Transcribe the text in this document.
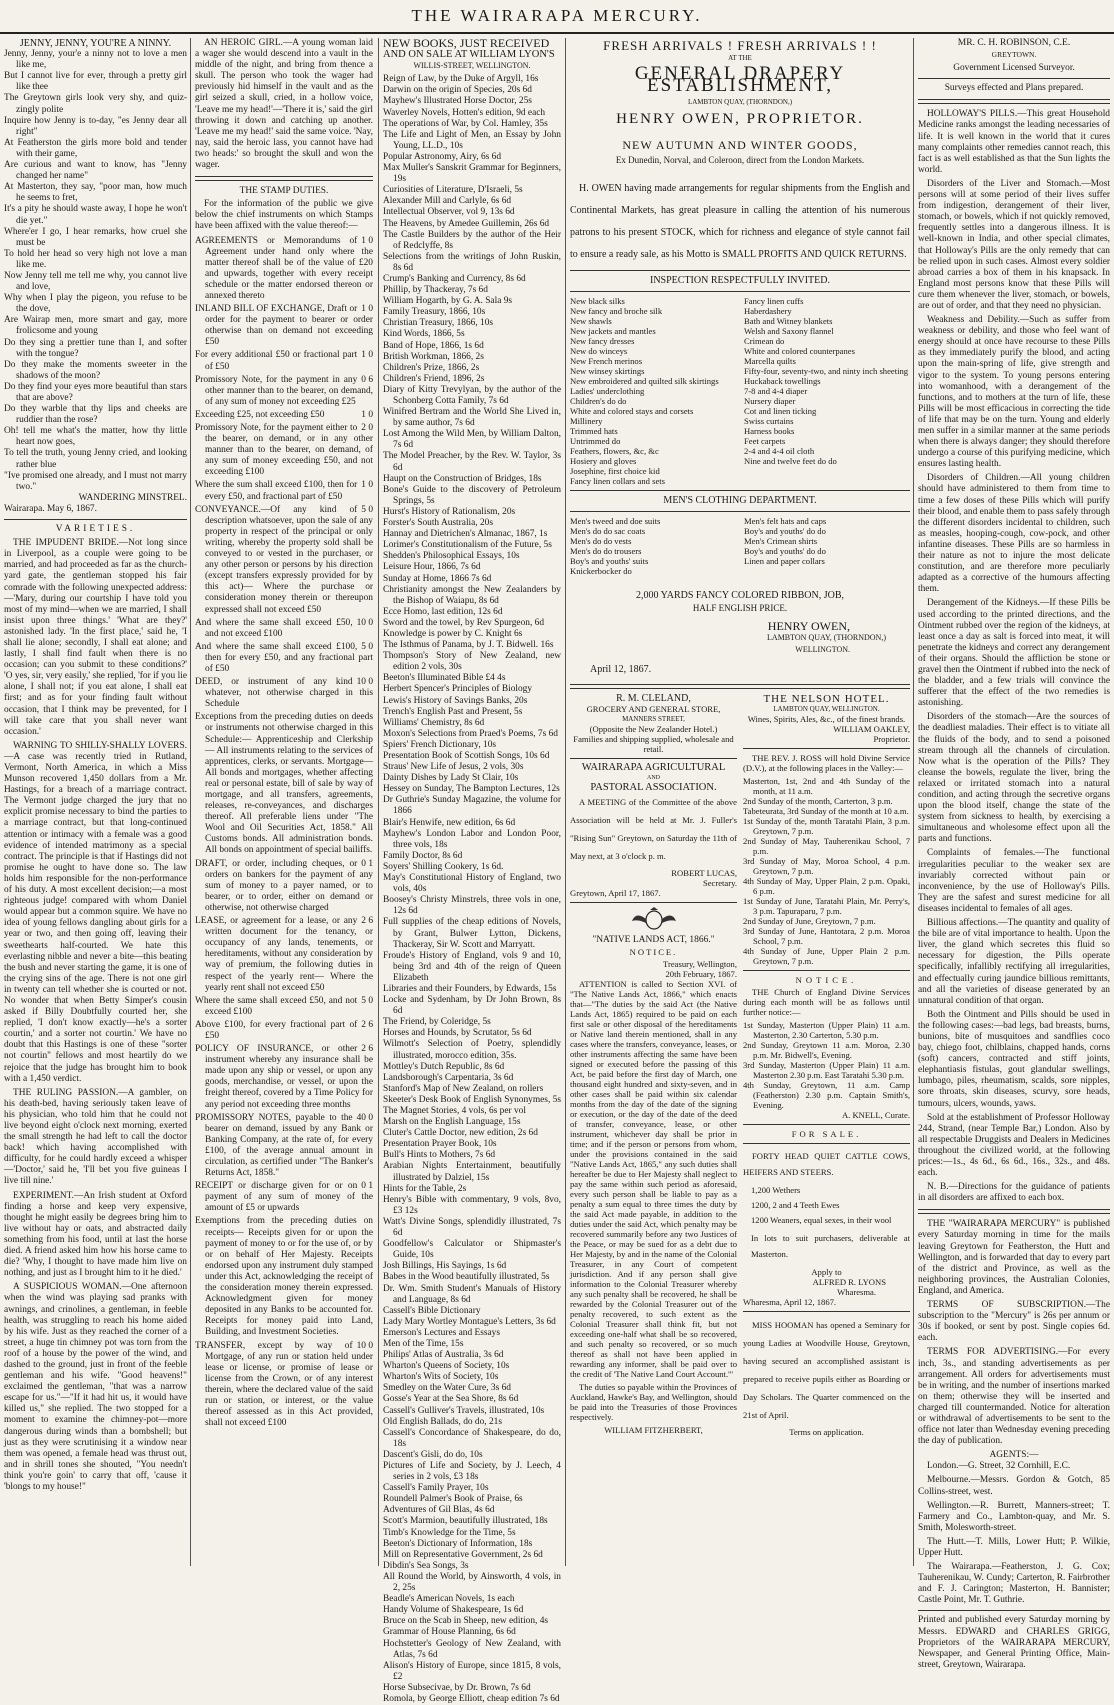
THE WAIRARAPA MERCURY.
JENNY, JENNY, YOU'RE A NINNY.
Jenny, Jenny, your'e a ninny not to love a men like me,
But I cannot live for ever, through a pretty girl like thee
The Greytown girls look very shy, and quiz-zingly polite
Inquire how Jenny is to-day, "es Jenny dear all right"
At Featherston the girls more bold and tender with their game,
Are curious and want to know, has "Jenny changed her name"
At Masterton, they say, "poor man, how much he seems to fret,
It's a pity he should waste away, I hope he won't die yet."
Where'er I go, I hear remarks, how cruel she must be
To hold her head so very high not love a man like me.
Now Jenny tell me tell me why, you cannot live and love,
Why when I play the pigeon, you refuse to be the dove,
Are Wairap men, more smart and gay, more frolicsome and young
Do they sing a prettier tune than I, and softer with the tongue?
Do they make the moments sweeter in the shadows of the moon?
Do they find your eyes more beautiful than stars that are above?
Do they warble that thy lips and cheeks are ruddier than the rose?
Oh! tell me what's the matter, how thy little heart now goes,
To tell the truth, young Jenny cried, and looking rather blue
"Ive promised one already, and I must not marry two."
WANDERING MINSTREL.
Wairarapa. May 6, 1867.
VARIETIES.

THE IMPUDENT BRIDE.—Not long since in Liverpool, as a couple were going to be married, and had proceeded as far as the church-yard gate, the gentleman stopped his fair comrade with the following unexpected address:—'Mary, during our courtship I have told you most of my mind—when we are married, I shall insist upon three things.' 'What are they?' astonished lady. 'In the first place,' said he, 'I shall lie alone; secondly, I shall eat alone; and lastly, I shall find fault when there is no occasion; can you submit to these conditions?' 'O yes, sir, very easily,' she replied, 'for if you lie alone, I shall not; if you eat alone, I shall eat first; and as for your finding fault without occasion, that I think may be prevented, for I will take care that you shall never want occasion.'

WARNING TO SHILLY-SHALLY LOVERS.—A case was recently tried in Rutland, Vermont, North America, in which a Miss Munson recovered 1,450 dollars from a Mr. Hastings, for a breach of a marriage contract. The Vermont judge charged the jury that no explicit promise necessary to bind the parties to a marriage contract, but that long-continued attention or intimacy with a female was a good evidence of intended matrimony as a special contract. The principle is that if Hastings did not promise he ought to have done so. The law holds him responsible for the non-performance of his duty. A most excellent decision;—a most righteous judge! compared with whom Daniel would appear but a common squire. We have no idea of young fellows dangling about girls for a year or two, and then going off, leaving their sweethearts half-courted. We hate this everlasting nibble and never a bite—this beating the bush and never starting the game, it is one of the crying sins of the age. There is not one girl in twenty can tell whether she is courted or not. No wonder that when Betty Simper's cousin asked if Billy Doubtfully courted her, she replied, 'I don't know exactly—he's a sorter courtin,' and a sorter not courtin.' We have no doubt that this Hastings is one of these "sorter not courtin" fellows and most heartily do we rejoice that the judge has brought him to book with a 1,450 verdict.

THE RULING PASSION.—A gambler, on his death-bed, having seriously taken leave of his physician, who told him that he could not live beyond eight o'clock next morning, exerted the small strength he had left to call the doctor back! which having accomplished with difficulty, for he could hardly exceed a whisper—'Doctor,' said he, 'I'll bet you five guineas I live till nine.'

EXPERIMENT.—An Irish student at Oxford finding a horse and keep very expensive, thought he might easily be degrees bring him to live without hay or oats, and abstracted daily something from his food, until at last the horse died. A friend asked him how his horse came to die? 'Why, I thought to have made him live on nothing, and just as I brought him to it he died.'

A SUSPICIOUS WOMAN.—One afternoon when the wind was playing sad pranks with awnings, and crinolines, a gentleman, in feeble health, was struggling to reach his home aided by his wife. Just as they reached the corner of a street, a huge tin chimney pot was torn from the roof of a house by the power of the wind, and dashed to the ground, just in front of the feeble gentleman and his wife. "Good heavens!" exclaimed the gentleman, "that was a narrow escape for us."—"If it had hit us, it would have killed us," she replied. The two stopped for a moment to examine the chimney-pot—more dangerous during winds than a bombshell; but just as they were scrutinising it a window near them was opened, a female head was thrust out, and in shrill tones she shouted, "You needn't think you're goin' to carry that off, 'cause it 'blongs to my house!"

AN HEROIC GIRL.—A young woman laid a wager she would descend into a vault in the middle of the night, and bring from thence a skull. The person who took the wager had previously hid himself in the vault and as the girl seized a skull, cried, in a hollow voice, 'Leave me my head!'—'There it is,' said the girl throwing it down and catching up another. 'Leave me my head!' said the same voice. 'Nay, nay, said the heroic lass, you cannot have had two heads:' so brought the skull and won the wager.

THE STAMP DUTIES.

For the information of the public we give below the chief instruments on which Stamps have been affixed with the value thereof:—

1 0
AGREEMENTS or Memorandums of Agreement under hand only where the matter thereof shall be of the value of £20 and upwards, together with every receipt schedule or the matter endorsed thereon or annexed thereto
1 0
INLAND BILL OF EXCHANGE, Draft or order for the payment to bearer or order otherwise than on demand not exceeding £50
1 0
For every additional £50 or fractional part of £50
0 6
Promissory Note, for the payment in any other manner than to the bearer, on demand, of any sum of money not exceeding £25
1 0
Exceeding £25, not exceeding £50
2 0
Promissory Note, for the payment either to the bearer, on demand, or in any other manner than to the bearer, on demand, of any sum of money exceeding £50, and not exceeding £100
1 0
Where the sum shall exceed £100, then for every £50, and fractional part of £50
5 0
CONVEYANCE.—Of any kind of description whatsoever, upon the sale of any property in respect of the principal or only writing, whereby the property sold shall be conveyed to or vested in the purchaser, or any other person or persons by his direction (except transfers expressly provided for by this act)— Where the purchase or consideration money therein or thereupon expressed shall not exceed £50
10 0
And where the same shall exceed £50, and not exceed £100
5 0
And where the same shall exceed £100, then for every £50, and any fractional part of £50
10 0
DEED, or instrument of any kind whatever, not otherwise charged in this Schedule
Exceptions from the preceding duties on deeds or instruments not otherwise charged in this Schedule:— Apprenticeship and Clerkship— All instruments relating to the services of apprentices, clerks, or servants. Mortgage—All bonds and mortgages, whether affecting real or personal estate, bill of sale by way of mortgage, and all transfers, agreements, releases, re-conveyances, and discharges thereof. All preferable liens under "The Wool and Oil Securities Act, 1858." All Customs bonds. All administration bonds. All bonds on appointment of special bailiffs.
0 1
DRAFT, or order, including cheques, or orders on bankers for the payment of any sum of money to a payer named, or to bearer, or to order, either on demand or otherwise, not otherwise charged
2 6
LEASE, or agreement for a lease, or any written document for the tenancy, or occupancy of any lands, tenements, or hereditaments, without any consideration by way of premium, the following duties in respect of the yearly rent— Where the yearly rent shall not exceed £50
5 0
Where the same shall exceed £50, and not exceed £100
2 6
Above £100, for every fractional part of £50
2 6
POLICY OF INSURANCE, or other instrument whereby any insurance shall be made upon any ship or vessel, or upon any goods, merchandise, or vessel, or upon the freight thereof, covered by a Time Policy for any period not exceeding three months
40 0
PROMISSORY NOTES, payable to the bearer on demand, issued by any Bank or Banking Company, at the rate of, for every £100, of the average annual amount in circulation, as certified under "The Banker's Returns Act, 1858."
0 1
RECEIPT or discharge given for or on payment of any sum of money of the amount of £5 or upwards
Exemptions from the preceding duties on receipts— Receipts given for or upon the payment of money to or for the use of, or by or on behalf of Her Majesty. Receipts endorsed upon any instrument duly stamped under this Act, acknowledging the receipt of the consideration money therein expressed. Acknowledgment given for money deposited in any Banks to be accounted for. Receipts for money paid into Land, Building, and Investment Societies.
10 0
TRANSFER, except by way of Mortgage, of any run or station held under lease or license, or promise of lease or license from the Crown, or of any interest therein, where the declared value of the said run or station, or interest, or the value thereof assessed as in this Act provided, shall not exceed £100
NEW BOOKS, JUST RECEIVED
AND ON SALE AT WILLIAM LYON'S
WILLIS-STREET, WELLINGTON.
Reign of Law, by the Duke of Argyll, 16s
Darwin on the origin of Species, 20s 6d
Mayhew's Illustrated Horse Doctor, 25s
Waverley Novels, Hotten's edition, 9d each
The operations of War, by Col. Hamley, 35s
The Life and Light of Men, an Essay by John Young, LL.D., 10s
Popular Astronomy, Airy, 6s 6d
Max Muller's Sanskrit Grammar for Beginners, 19s
Curiosities of Literature, D'Israeli, 5s
Alexander Mill and Carlyle, 6s 6d
Intellectual Observer, vol 9, 13s 6d
The Heavens, by Amedee Guillemin, 26s 6d
The Castle Builders by the author of the Heir of Redclyffe, 8s
Selections from the writings of John Ruskin, 8s 6d
Crump's Banking and Currency, 8s 6d
Phillip, by Thackeray, 7s 6d
William Hogarth, by G. A. Sala 9s
Family Treasury, 1866, 10s
Christian Treasury, 1866, 10s
Kind Words, 1866, 5s
Band of Hope, 1866, 1s 6d
British Workman, 1866, 2s
Children's Prize, 1866, 2s
Children's Friend, 1896, 2s
Diary of Kitty Trevylyan, by the author of the Schonberg Cotta Family, 7s 6d
Winifred Bertram and the World She Lived in, by same author, 7s 6d
Lost Among the Wild Men, by William Dalton, 7s 6d
The Model Preacher, by the Rev. W. Taylor, 3s 6d
Haupt on the Construction of Bridges, 18s
Bone's Guide to the discovery of Petroleum Springs, 5s
Hurst's History of Rationalism, 20s
Forster's South Australia, 20s
Hannay and Dietrichen's Almanac, 1867, 1s
Lorimer's Constitutionalism of the Future, 5s
Shedden's Philosophical Essays, 10s
Leisure Hour, 1866, 7s 6d
Sunday at Home, 1866 7s 6d
Christianity amongst the New Zealanders by the Bishop of Waiapu, 8s 6d
Ecce Homo, last edition, 12s 6d
Sword and the towel, by Rev Spurgeon, 6d
Knowledge is power by C. Knight 6s
The Isthmus of Panama, by J. T. Bidwell. 16s
Thompson's Story of New Zealand, new edition 2 vols, 30s
Beeton's Illuminated Bible £4 4s
Herbert Spencer's Principles of Biology
Lewis's History of Savings Banks, 20s
Trench's English Past and Present, 5s
Williams' Chemistry, 8s 6d
Moxon's Selections from Praed's Poems, 7s 6d
Spiers' French Dictionary, 10s
Presentation Book of Scottish Songs, 10s 6d
Straus' New Life of Jesus, 2 vols, 30s
Dainty Dishes by Lady St Clair, 10s
Hessey on Sunday, The Bampton Lectures, 12s
Dr Guthrie's Sunday Magazine, the volume for 1866
Blair's Henwife, new edition, 6s 6d
Mayhew's London Labor and London Poor, three vols, 18s
Family Doctor, 8s 6d
Soyers' Shilling Cookery, 1s 6d.
May's Constitutional History of England, two vols, 40s
Boosey's Christy Minstrels, three vols in one, 12s 6d
Full supplies of the cheap editions of Novels, by Grant, Bulwer Lytton, Dickens, Thackeray, Sir W. Scott and Marryatt.
Froude's History of England, vols 9 and 10, being 3rd and 4th of the reign of Queen Elizabeth
Libraries and their Founders, by Edwards, 15s
Locke and Sydenham, by Dr John Brown, 8s 6d
The Friend, by Coleridge, 5s
Horses and Hounds, by Scrutator, 5s 6d
Wilmott's Selection of Poetry, splendidly illustrated, morocco edition, 35s.
Mottley's Dutch Republic, 8s 6d
Landsborough's Carpentaria, 3s 6d
Stanford's Map of New Zealand, on rollers
Skeeter's Desk Book of English Synonymes, 5s
The Magnet Stories, 4 vols, 6s per vol
Marsh on the English Language, 15s
Cluter's Cattle Doctor, new edition, 2s 6d
Presentation Prayer Book, 10s
Bull's Hints to Mothers, 7s 6d
Arabian Nights Entertainment, beautifully illustrated by Dalziel, 15s
Hints for the Table, 2s
Henry's Bible with commentary, 9 vols, 8vo, £3 12s
Watt's Divine Songs, splendidly illustrated, 7s 6d
Goodfellow's Calculator or Shipmaster's Guide, 10s
Josh Billings, His Sayings, 1s 6d
Babes in the Wood beautifully illustrated, 5s
Dr. Wm. Smith Student's Manuals of History and Language, 8s 6d
Cassell's Bible Dictionary
Lady Mary Wortley Montague's Letters, 3s 6d
Emerson's Lectures and Essays
Men of the Time, 15s
Philips' Atlas of Australia, 3s 6d
Wharton's Queens of Society, 10s
Wharton's Wits of Society, 10s
Smedley on the Water Cure, 3s 6d
Gosse's Year at the Sea Shore, 8s 6d
Cassell's Gulliver's Travels, illustrated, 10s
Old English Ballads, do do, 21s
Cassell's Concordance of Shakespeare, do do, 18s
Dascent's Gisli, do do, 10s
Pictures of Life and Society, by J. Leech, 4 series in 2 vols, £3 18s
Cassell's Family Prayer, 10s
Roundell Palmer's Book of Praise, 6s
Adventures of Gil Blas, 4s 6d
Scott's Marmion, beautifully illustrated, 18s
Timb's Knowledge for the Time, 5s
Beeton's Dictionary of Information, 18s
Mill on Representative Government, 2s 6d
Dibdin's Sea Songs, 3s
All Round the World, by Ainsworth, 4 vols, in 2, 25s
Beadle's American Novels, 1s each
Handy Volume of Shakespeare, 1s 6d
Bruce on the Scab in Sheep, new edition, 4s
Grammar of House Planning, 6s 6d
Hochstetter's Geology of New Zealand, with Atlas, 7s 6d
Alison's History of Europe, since 1815, 8 vols, £2
Horse Subsecivae, by Dr. Brown, 7s 6d
Romola, by George Elliott, cheap edition 7s 6d
FRESH ARRIVALS ! FRESH ARRIVALS ! !
AT THE
GENERAL DRAPERY ESTABLISHMENT,
LAMBTON QUAY, (THORNDON,)
HENRY OWEN, PROPRIETOR.
NEW AUTUMN AND WINTER GOODS,
Ex Dunedin, Norval, and Coleroon, direct from the London Markets.

H. OWEN having made arrangements for regular shipments from the English and Continental Markets, has great pleasure in calling the attention of his numerous patrons to his present STOCK, which for richness and elegance of style cannot fail to ensure a ready sale, as his Motto is SMALL PROFITS AND QUICK RETURNS.

INSPECTION RESPECTFULLY INVITED.
New black silks
New fancy and broche silk
New shawls
New jackets and mantles
New fancy dresses
New do winceys
New French merinos
New winsey skirtings
New embroidered and quilted silk skirtings
Ladies' underclothing
Children's do do
White and colored stays and corsets
Millinery
Trimmed hats
Untrimmed do
Feathers, flowers, &c, &c
Hosiery and gloves
Josephine, first choice kid
Fancy linen collars and sets
Fancy linen cuffs
Haberdashery
Bath and Witney blankets
Welsh and Saxony flannel
Crimean do
White and colored counterpanes
Marcella quilts
Fifty-four, seventy-two, and ninty inch sheeting
Huckaback towellings
7-8 and 4-4 diaper
Nursery diaper
Cot and linen ticking
Swiss curtains
Harness books
Feet carpets
2-4 and 4-4 oil cloth
Nine and twelve feet do do
MEN'S CLOTHING DEPARTMENT.
Men's tweed and doe suits
Men's do do sac coats
Men's do do vests
Men's do do trousers
Boy's and youths' suits
Knickerbocker do
Men's felt hats and caps
Boy's and youths' do do
Men's Crimean shirts
Boy's and youths' do do
Linen and paper collars
2,000 YARDS FANCY COLORED RIBBON, JOB,
HALF ENGLISH PRICE.
HENRY OWEN,
LAMBTON QUAY, (THORNDON,)
WELLINGTON.
April 12, 1867.
R. M. CLELAND,
GROCERY AND GENERAL STORE,
MANNERS STREET,
(Opposite the New Zealander Hotel.)
Families and shipping supplied, wholesale and retail.
WAIRARAPA AGRICULTURAL
AND
PASTORAL ASSOCIATION.

A MEETING of the Committee of the above Association will be held at Mr. J. Fuller's "Rising Sun" Greytown, on Saturday the 11th of May next, at 3 o'clock p. m.

ROBERT LUCAS,
Secretary.
Greytown, April 17, 1867.
"NATIVE LANDS ACT, 1866."
NOTICE.
Treasury, Wellington,
20th February, 1867.

ATTENTION is called to Section XVI. of "The Native Lands Act, 1866," which enacts that—"The duties by the said Act (the Native Lands Act, 1865) required to be paid on each first sale or other disposal of the hereditaments or Native land therein mentioned, shall in any cases where the transfers, conveyance, leases, or other instruments affecting the same have been signed or executed before the passing of this Act, be paid before the first day of March, one thousand eight hundred and sixty-seven, and in other cases shall be paid within six calendar months from the day of the date of the signing or execution, or the day of the date of the deed of transfer, conveyance, lease, or other instrument, whichever day shall be prior in time; and if the person or persons from whom, under the provisions contained in the said "Native Lands Act, 1865," any such duties shall hereafter be due to Her Majesty shall neglect to pay the same within such period as aforesaid, every such person shall be liable to pay as a penalty a sum equal to three times the duty by the said Act made payable, in addition to the duties under the said Act, which penalty may be recovered summarily before any two Justices of the Peace, or may be sued for as a debt due to Her Majesty, by and in the name of the Colonial Treasurer, in any Court of competent jurisdiction. And if any person shall give information to the Colonial Treasurer whereby any such penalty shall be recovered, he shall be rewarded by the Colonial Treasurer out of the penalty recovered, to such extent as the Colonial Treasurer shall think fit, but not exceeding one-half what shall be so recovered, and such penalty so recovered, or so much thereof as shall not have been applied in rewarding any informer, shall be paid over to the credit of 'The Native Land Court Account.'"

The duties so payable within the Provinces of Auckland, Hawke's Bay, and Wellington, should be paid into the Treasuries of those Provinces respectively.

WILLIAM FITZHERBERT,
THE NELSON HOTEL.
LAMBTON QUAY, WELLINGTON.
Wines, Spirits, Ales, &c., of the finest brands.
WILLIAM OAKLEY,
Proprietor.

THE REV. J. ROSS will hold Divine Service (D.V.), at the following places in the Valley:—

Masterton, 1st, 2nd and 4th Sunday of the month, at 11 a.m.
2nd Sunday of the month, Carterton, 3 p.m.
Tabeteurata, 3rd Sunday of the month at 10 a.m.
1st Sunday of the, month Taratahi Plain, 3 p.m. Greytown, 7 p.m.
2nd Sunday of May, Tauherenikau School, 7 p.m.
3rd Sunday of May, Moroa School, 4 p.m. Greytown, 7 p.m.
4th Sunday of May, Upper Plain, 2 p.m. Opaki, 6 p.m.
1st Sunday of June, Taratahi Plain, Mr. Perry's, 3 p.m. Tapuraparu, 7 p.m.
2nd Sunday of June, Greytown, 7 p.m.
3rd Sunday of June, Hantotara, 2 p.m. Moroa School, 7 p.m.
4th Sunday of June, Upper Plain 2 p.m. Greytown, 7 p.m.
NOTICE.

THE Church of England Divine Services during each month will be as follows until further notice:—

1st Sunday, Masterton (Upper Plain) 11 a.m. Masterton, 2.30 Carterton, 5.30 p.m.
2nd Sunday, Greytown 11 a.m. Moroa, 2.30 p.m. Mr. Bidwell's, Evening.
3rd Sunday, Masterton (Upper Plain) 11 a.m. Masterton 2.30 p.m. East Taratahi 5.30 p.m.
4th Sunday, Greytown, 11 a.m. Camp (Featherston) 2.30 p.m. Captain Smith's, Evening.
A. KNELL, Curate.
FOR SALE.

FORTY HEAD QUIET CATTLE COWS, HEIFERS AND STEERS.

1,200 Wethers
1200, 2 and 4 Teeth Ewes
1200 Weaners, equal sexes, in their wool
In lots to suit purchasers, deliverable at Masterton.
Apply to
ALFRED R. LYONS
Wharesma.
Wharesma, April 12, 1867.

MISS HOOMAN has opened a Seminary for young Ladies at Woodville House, Greytown, having secured an accomplished assistant is prepared to receive pupils either as Boarding or Day Scholars. The Quarter commenced on the 21st of April.

Terms on application.
MR. C. H. ROBINSON, C.E.
GREYTOWN.
Government Licensed Surveyor.
Surveys effected and Plans prepared.

HOLLOWAY'S PILLS.—This great Household Medicine ranks amongst the leading necessaries of life. It is well known in the world that it cures many complaints other remedies cannot reach, this fact is as well established as that the Sun lights the world.

Disorders of the Liver and Stomach.—Most persons will at some period of their lives suffer from indigestion, derangement of their liver, stomach, or bowels, which if not quickly removed, frequently settles into a dangerous illness. It is well-known in India, and other special climates, that Holloway's Pills are the only remedy that can be relied upon in such cases. Almost every soldier abroad carries a box of them in his knapsack. In England most persons know that these Pills will cure them whenever the liver, stomach, or bowels, are out of order, and that they need no physician.

Weakness and Debility.—Such as suffer from weakness or debility, and those who feel want of energy should at once have recourse to these Pills as they immediately purify the blood, and acting upon the main-spring of life, give strength and vigor to the system. To young persons entering into womanhood, with a derangement of the functions, and to mothers at the turn of life, these Pills will be most efficacious in correcting the tide of life that may be on the turn. Young and elderly men suffer in a similar manner at the same periods when there is always danger; they should therefore undergo a course of this purifying medicine, which ensures lasting health.

Disorders of Children.—All young children should have administered to them from time to time a few doses of these Pills which will purify their blood, and enable them to pass safely through the different disorders incidental to children, such as measles, hooping-cough, cow-pock, and other infantine diseases. These Pills are so harmless in their nature as not to injure the most delicate constitution, and are therefore more peculiarly adapted as a corrective of the humours affecting them.

Derangement of the Kidneys.—If these Pills be used according to the printed directions, and the Ointment rubbed over the region of the kidneys, at least once a day as salt is forced into meat, it will penetrate the kidneys and correct any derangement of their organs. Should the affliction be stone or gravel then the Ointment if rubbed into the neck of the bladder, and a few trials will convince the sufferer that the effect of the two remedies is astonishing.

Disorders of the stomach—Are the sources of the deadliest maladies. Their effect is to vitiate all the fluids of the body, and to send a poisoned stream through all the channels of circulation. Now what is the operation of the Pills? They cleanse the bowels, regulate the liver, bring the relaxed or irritated stomach into a natural condition, and acting through the secretive organs upon the blood itself, change the state of the system from sickness to health, by exercising a simultaneous and wholesome effect upon all the parts and functions.

Complaints of females.—The functional irregularities peculiar to the weaker sex are invariably corrected without pain or inconvenience, by the use of Holloway's Pills. They are the safest and surest medicine for all diseases incidental to females of all ages.

Billious affections.—The quantity and quality of the bile are of vital importance to health. Upon the liver, the gland which secretes this fluid so necessary for digestion, the Pills operate specifically, infallibly rectifying all irregularities, and effectually curing jaundice billious remittants, and all the varieties of disease generated by an unnatural condition of that organ.

Both the Ointment and Pills should be used in the following cases:—bad legs, bad breasts, burns, bunions, bite of musquitoes and sandflies coco bay, chiego foot, chilblains, chapped hands, corns (soft) cancers, contracted and stiff joints, elephantiasis fistulas, gout glandular swellings, lumbago, piles, rheumatism, scalds, sore nipples, sore throats, skin diseases, scurvy, sore heads, tumours, ulcers, wounds, yaws.

Sold at the establishment of Professor Holloway 244, Strand, (near Temple Bar,) London. Also by all respectable Druggists and Dealers in Medicines throughout the civilized world, at the following prices:—1s., 4s 6d., 6s 6d., 16s., 32s., and 48s. each.

N. B.—Directions for the guidance of patients in all disorders are affixed to each box.

THE "WAIRARAPA MERCURY" is published every Saturday morning in time for the mails leaving Greytown for Featherston, the Hutt and Wellington, and is forwarded that day to every part of the district and Province, as well as the neighboring provinces, the Australian Colonies, England, and America.

TERMS OF SUBSCRIPTION.—The subscription to the "Mercury" is 26s per annum or 30s if booked, or sent by post. Single copies 6d. each.

TERMS FOR ADVERTISING.—For every inch, 3s., and standing advertisements as per arrangement. All orders for advertisements must be in writing, and the number of insertions marked on them; otherwise they will be inserted and charged till countermanded. Notice for alteration or withdrawal of advertisements to be sent to the office not later than Wednesday evening preceding the day of publication.

AGENTS:—

London.—G. Street, 32 Cornhill, E.C.

Melbourne.—Messrs. Gordon & Gotch, 85 Collins-street, west.

Wellington.—R. Burrett, Manners-street; T. Farmery and Co., Lambton-quay, and Mr. S. Smith, Molesworth-street.

The Hutt.—T. Mills, Lower Hutt; P. Wilkie, Upper Hutt.

The Wairarapa.—Featherston, J. G. Cox; Tauherenikau, W. Cundy; Carterton, R. Fairbrother and F. J. Carington; Masterton, H. Bannister; Castle Point, Mr. T. Guthrie.

Printed and published every Saturday morning by Messrs. EDWARD and CHARLES GRIGG, Proprietors of the WAIRARAPA MERCURY, Newspaper, and General Printing Office, Main-street, Greytown, Wairarapa.
